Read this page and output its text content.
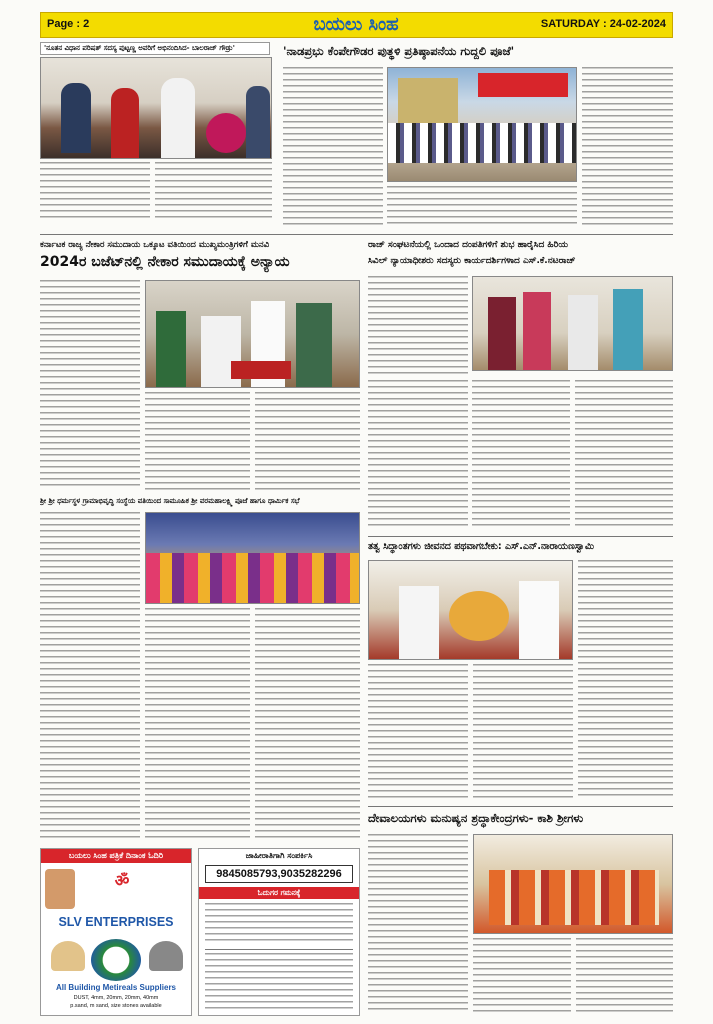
Page : 2	ಬಯಲು ಸಿಂಹ	SATURDAY : 24-02-2024
'ನೂತನ ವಿಧಾನ ಪರಿಷತ್ ಸದಸ್ಯ ಪುಟ್ಟಣ್ಣ ಅವರಿಗೆ ಅಭಿನಂದಿಸಿದ- ಬಾಲರಾಜ್ ಗೌಡ್ರು'	'ನಾಡಪ್ರಭು ಕೆಂಪೇಗೌಡರ ಪುತ್ಥಳಿ ಪ್ರತಿಷ್ಠಾಪನೆಯ ಗುದ್ದಲಿ ಪೂಜೆ'
ಕರ್ನಾಟಕ ರಾಜ್ಯ ನೇಕಾರ ಸಮುದಾಯ ಒಕ್ಕೂಟ ವತಿಯಿಂದ ಮುಖ್ಯಮಂತ್ರಿಗಳಿಗೆ ಮನವಿ
2024ರ ಬಜೆಟ್‌ನಲ್ಲಿ ನೇಕಾರ ಸಮುದಾಯಕ್ಕೆ ಅನ್ಯಾಯ
ಶ್ರೀ ಶ್ರೀ ಧರ್ಮಸ್ಥಳ ಗ್ರಾಮಾಭಿವೃದ್ಧಿ ಸಂಸ್ಥೆಯ ವತಿಯಿಂದ ಸಾಮೂಹಿಕ ಶ್ರೀ ವರಮಹಾಲಕ್ಷ್ಮಿ ಪೂಜೆ ಹಾಗೂ ಧಾರ್ಮಿಕ ಸಭೆ
ರಾಜ್ ಸಂಘಟನೆಯಲ್ಲಿ ಒಂದಾದ ದಂಪತಿಗಳಿಗೆ ಶುಭ ಹಾರೈಸಿದ ಹಿರಿಯ
ಸಿವಿಲ್ ನ್ಯಾಯಾಧೀಶರು ಸದಸ್ಯರು ಕಾರ್ಯದರ್ಶಿಗಳಾದ ಎಸ್.ಕೆ.ನಟರಾಜ್
ತತ್ವ ಸಿದ್ಧಾಂತಗಳು ಜೀವನದ ಪಥವಾಗಬೇಕು: ಎಸ್.ಎನ್.ನಾರಾಯಣಸ್ವಾಮಿ
ದೇವಾಲಯಗಳು ಮನುಷ್ಯನ ಶ್ರದ್ಧಾಕೇಂದ್ರಗಳು- ಕಾಶಿ ಶ್ರೀಗಳು
ಬಯಲು ಸಿಂಹ ಪತ್ರಿಕೆ ದಿನಾಂಕ ಓದಿರಿ
ॐ
SLV ENTERPRISES
All Building Metireals Suppliers
DUST, 4mm, 20mm, 20mm, 40mm
p.sand, m sand, size stones available
ಜಾಹೀರಾತಿಗಾಗಿ ಸಂಪರ್ಕಿಸಿ
9845085793,9035282296
ಓದುಗರ ಗಮನಕ್ಕೆ
